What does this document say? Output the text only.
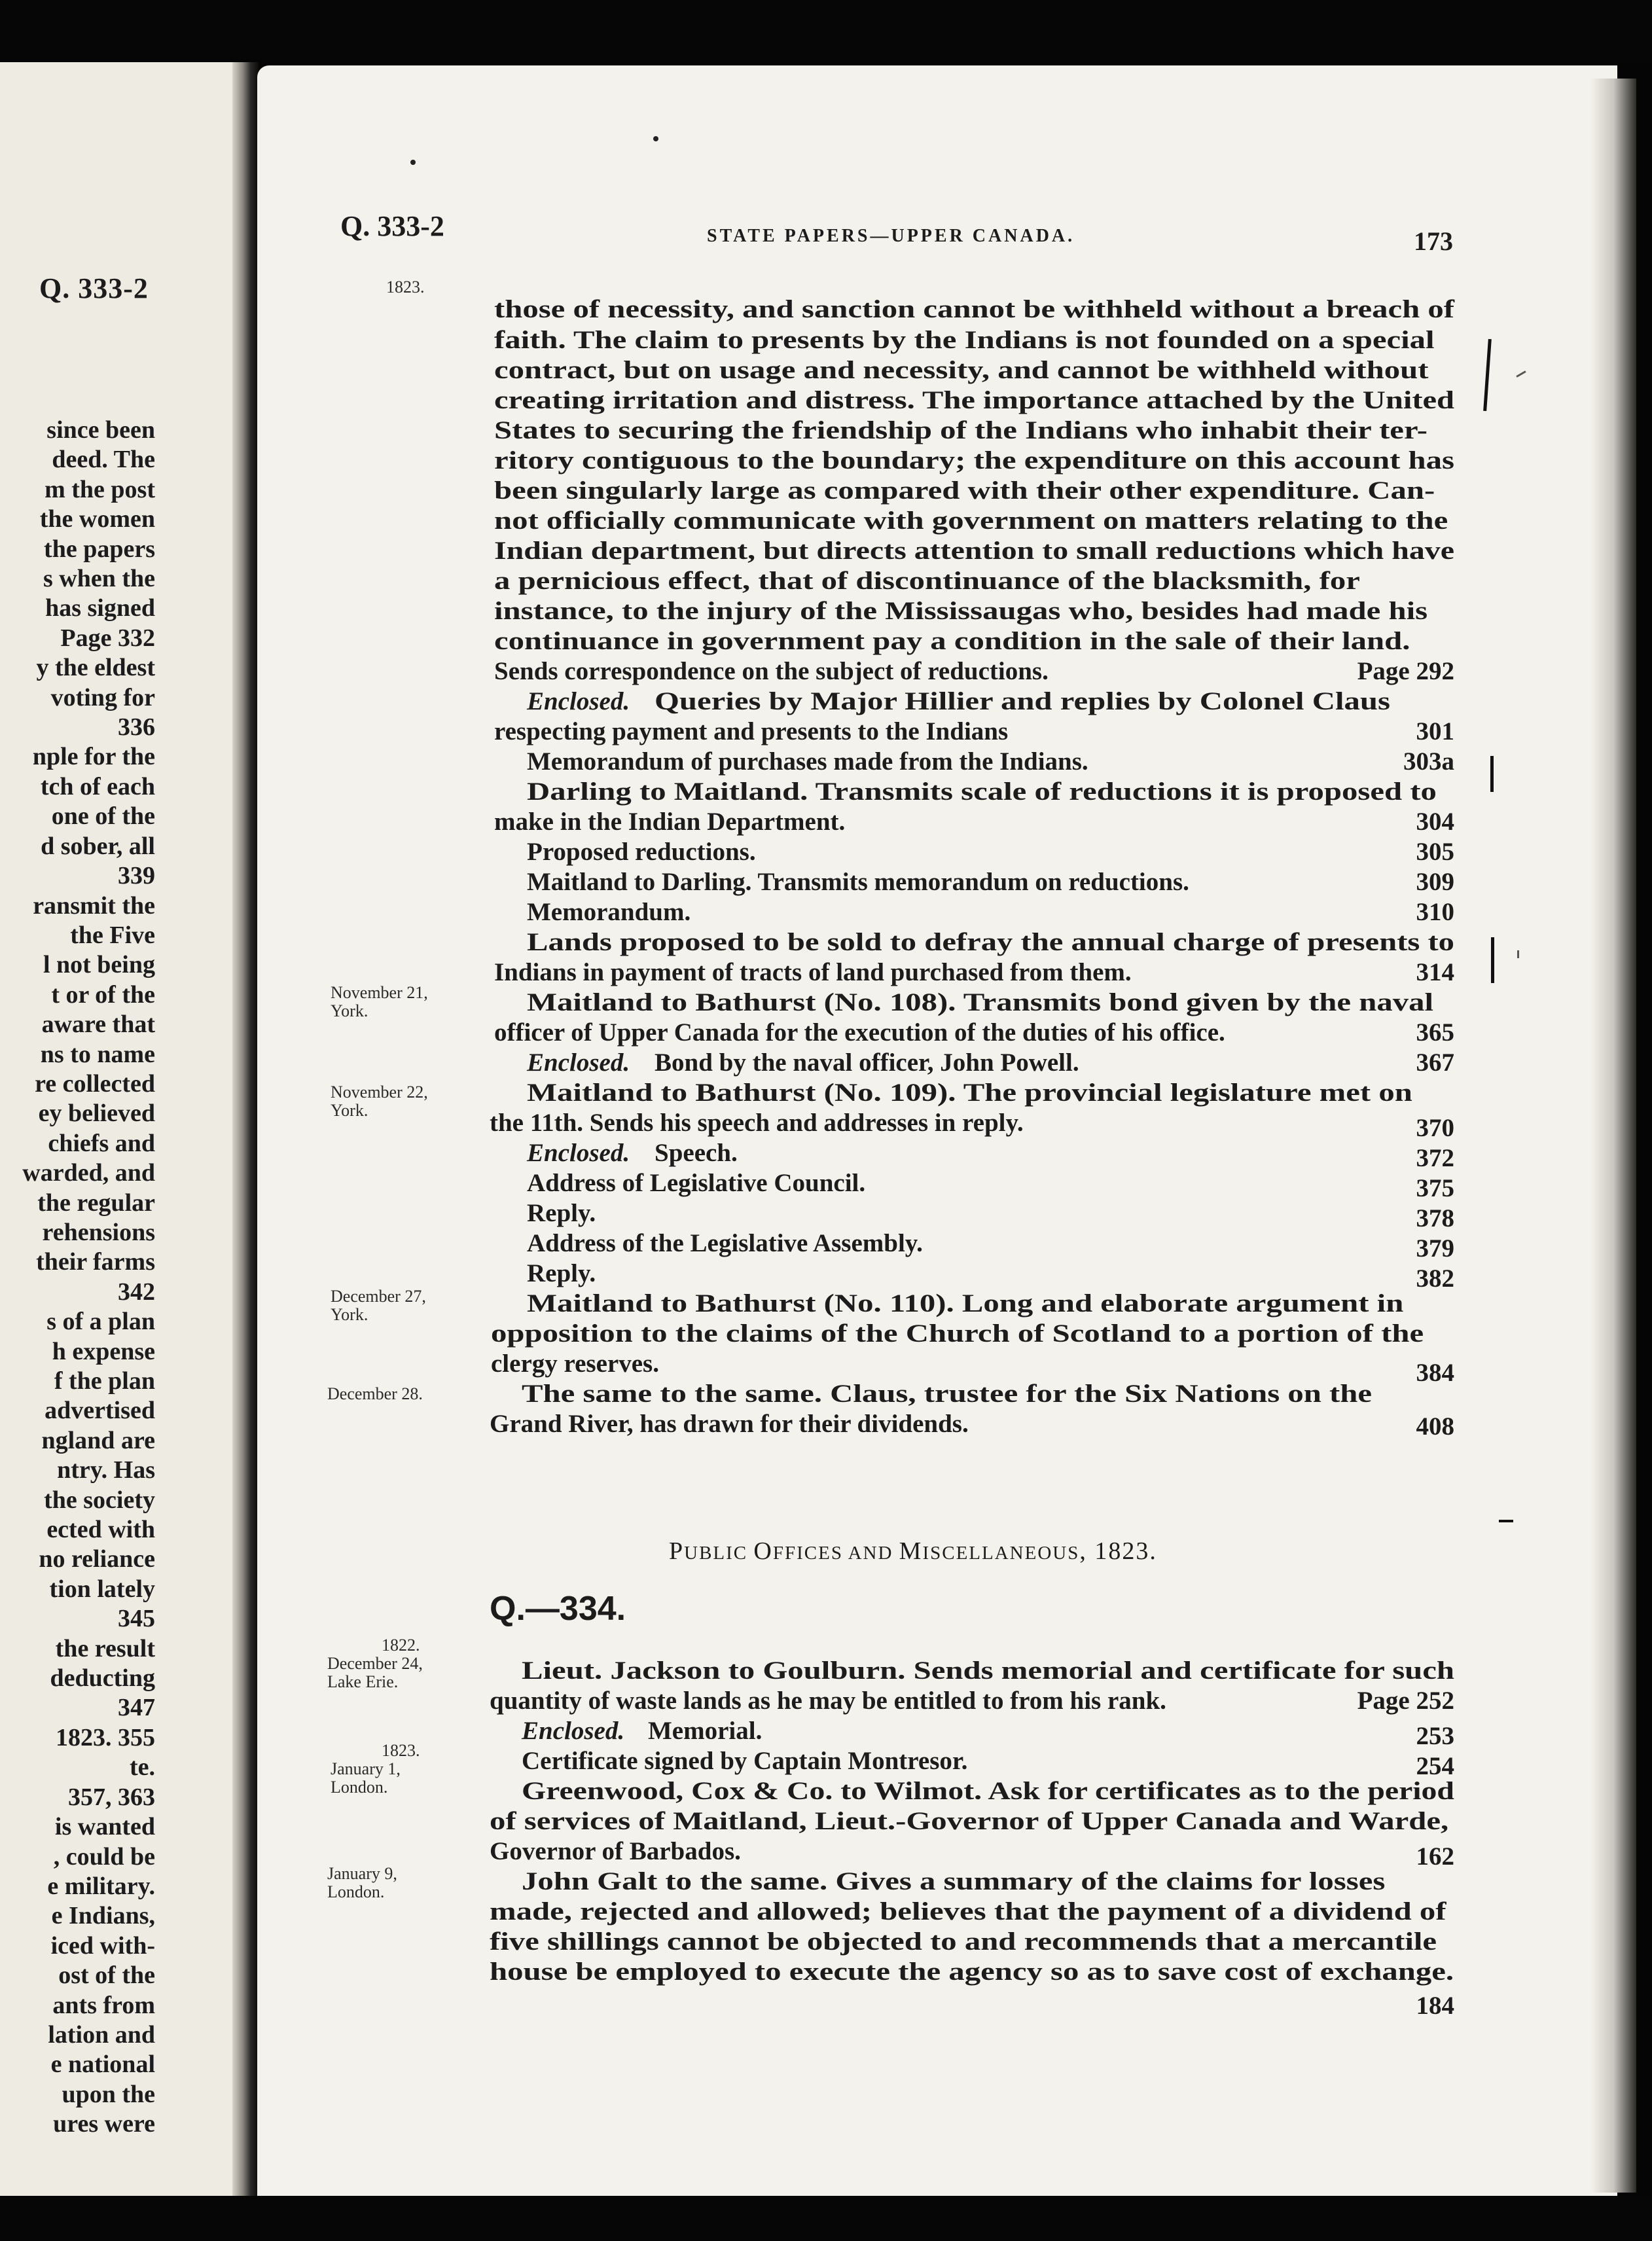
Q. 333-2
since been
deed. The
m the post
the women
the papers
s when the
has signed
Page 332
y the eldest
voting for
336
nple for the
tch of each
one of the
d sober, all
339
ransmit the
the Five
l not being
t or of the
aware that
ns to name
re collected
ey believed
chiefs and
warded, and
the regular
rehensions
their farms
342
s of a plan
h expense
f the plan
advertised
ngland are
ntry. Has
the society
ected with
no reliance
tion lately
345
the result
deducting
347
1823. 355
te.
357, 363
is wanted
, could be
e military.
e Indians,
iced with-
ost of the
ants from
lation and
e national
upon the
ures were
Q. 333-2	STATE PAPERS—UPPER CANADA.	173
1823.
November 21,
York.
November 22,
York.
December 27,
York.
December 28.
those of necessity, and sanction cannot be withheld without a breach of
faith. The claim to presents by the Indians is not founded on a special
contract, but on usage and necessity, and cannot be withheld without
creating irritation and distress. The importance attached by the United
States to securing the friendship of the Indians who inhabit their ter-
ritory contiguous to the boundary; the expenditure on this account has
been singularly large as compared with their other expenditure. Can-
not officially communicate with government on matters relating to the
Indian department, but directs attention to small reductions which have
a pernicious effect, that of discontinuance of the blacksmith, for
instance, to the injury of the Mississaugas who, besides had made his
continuance in government pay a condition in the sale of their land.
Sends correspondence on the subject of reductions.	Page 292
Enclosed. Queries by Major Hillier and replies by Colonel Claus
respecting payment and presents to the Indians	301
Memorandum of purchases made from the Indians.	303a
Darling to Maitland. Transmits scale of reductions it is proposed to
make in the Indian Department.	304
Proposed reductions.	305
Maitland to Darling. Transmits memorandum on reductions.	309
Memorandum.	310
Lands proposed to be sold to defray the annual charge of presents to
Indians in payment of tracts of land purchased from them.	314
Maitland to Bathurst (No. 108). Transmits bond given by the naval
officer of Upper Canada for the execution of the duties of his office.	365
Enclosed. Bond by the naval officer, John Powell.	367
Maitland to Bathurst (No. 109). The provincial legislature met on
the 11th. Sends his speech and addresses in reply.	370
Enclosed. Speech.	372
Address of Legislative Council.	375
Reply.	378
Address of the Legislative Assembly.	379
Reply.	382
Maitland to Bathurst (No. 110). Long and elaborate argument in
opposition to the claims of the Church of Scotland to a portion of the
clergy reserves.	384
The same to the same. Claus, trustee for the Six Nations on the
Grand River, has drawn for their dividends.	408
PUBLIC OFFICES AND MISCELLANEOUS, 1823.
Q.—334.
1822.
December 24,
Lake Erie.
1823.
January 1,
London.
January 9,
London.
Lieut. Jackson to Goulburn. Sends memorial and certificate for such
quantity of waste lands as he may be entitled to from his rank.	Page 252
Enclosed. Memorial.	253
Certificate signed by Captain Montresor.	254
Greenwood, Cox & Co. to Wilmot. Ask for certificates as to the period
of services of Maitland, Lieut.-Governor of Upper Canada and Warde,
Governor of Barbados.	162
John Galt to the same. Gives a summary of the claims for losses
made, rejected and allowed; believes that the payment of a dividend of
five shillings cannot be objected to and recommends that a mercantile
house be employed to execute the agency so as to save cost of exchange.
184
